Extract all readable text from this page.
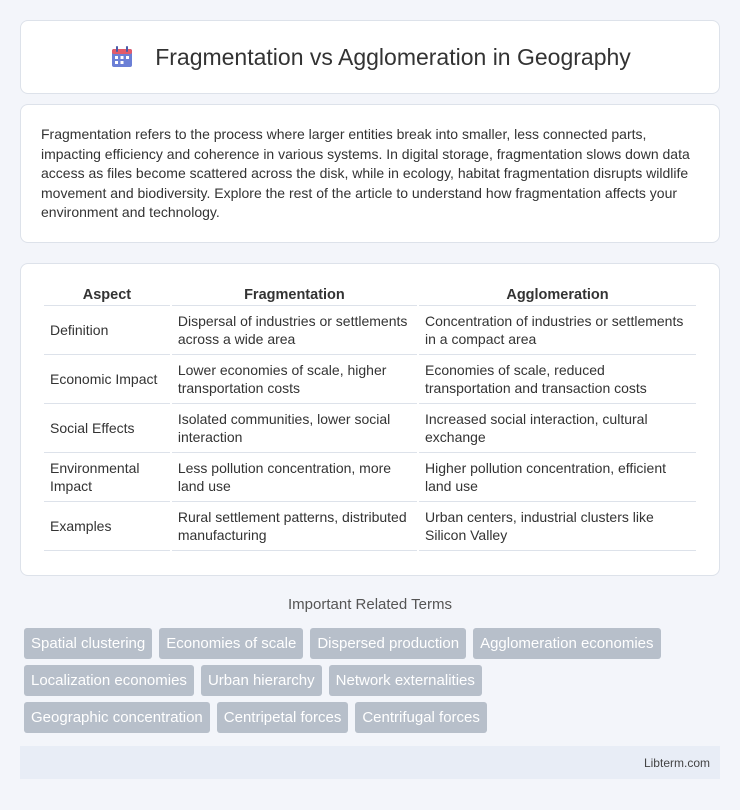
Fragmentation vs Agglomeration in Geography

Fragmentation refers to the process where larger entities break into smaller, less connected parts, impacting efficiency and coherence in various systems. In digital storage, fragmentation slows down data access as files become scattered across the disk, while in ecology, habitat fragmentation disrupts wildlife movement and biodiversity. Explore the rest of the article to understand how fragmentation affects your environment and technology.

Aspect	Fragmentation	Agglomeration
Definition	Dispersal of industries or settlements across a wide area	Concentration of industries or settlements in a compact area
Economic Impact	Lower economies of scale, higher transportation costs	Economies of scale, reduced transportation and transaction costs
Social Effects	Isolated communities, lower social interaction	Increased social interaction, cultural exchange
Environmental Impact	Less pollution concentration, more land use	Higher pollution concentration, efficient land use
Examples	Rural settlement patterns, distributed manufacturing	Urban centers, industrial clusters like Silicon Valley
Important Related Terms
Spatial clustering	Economies of scale	Dispersed production	Agglomeration economies
Localization economies	Urban hierarchy	Network externalities
Geographic concentration	Centripetal forces	Centrifugal forces
Libterm.com
